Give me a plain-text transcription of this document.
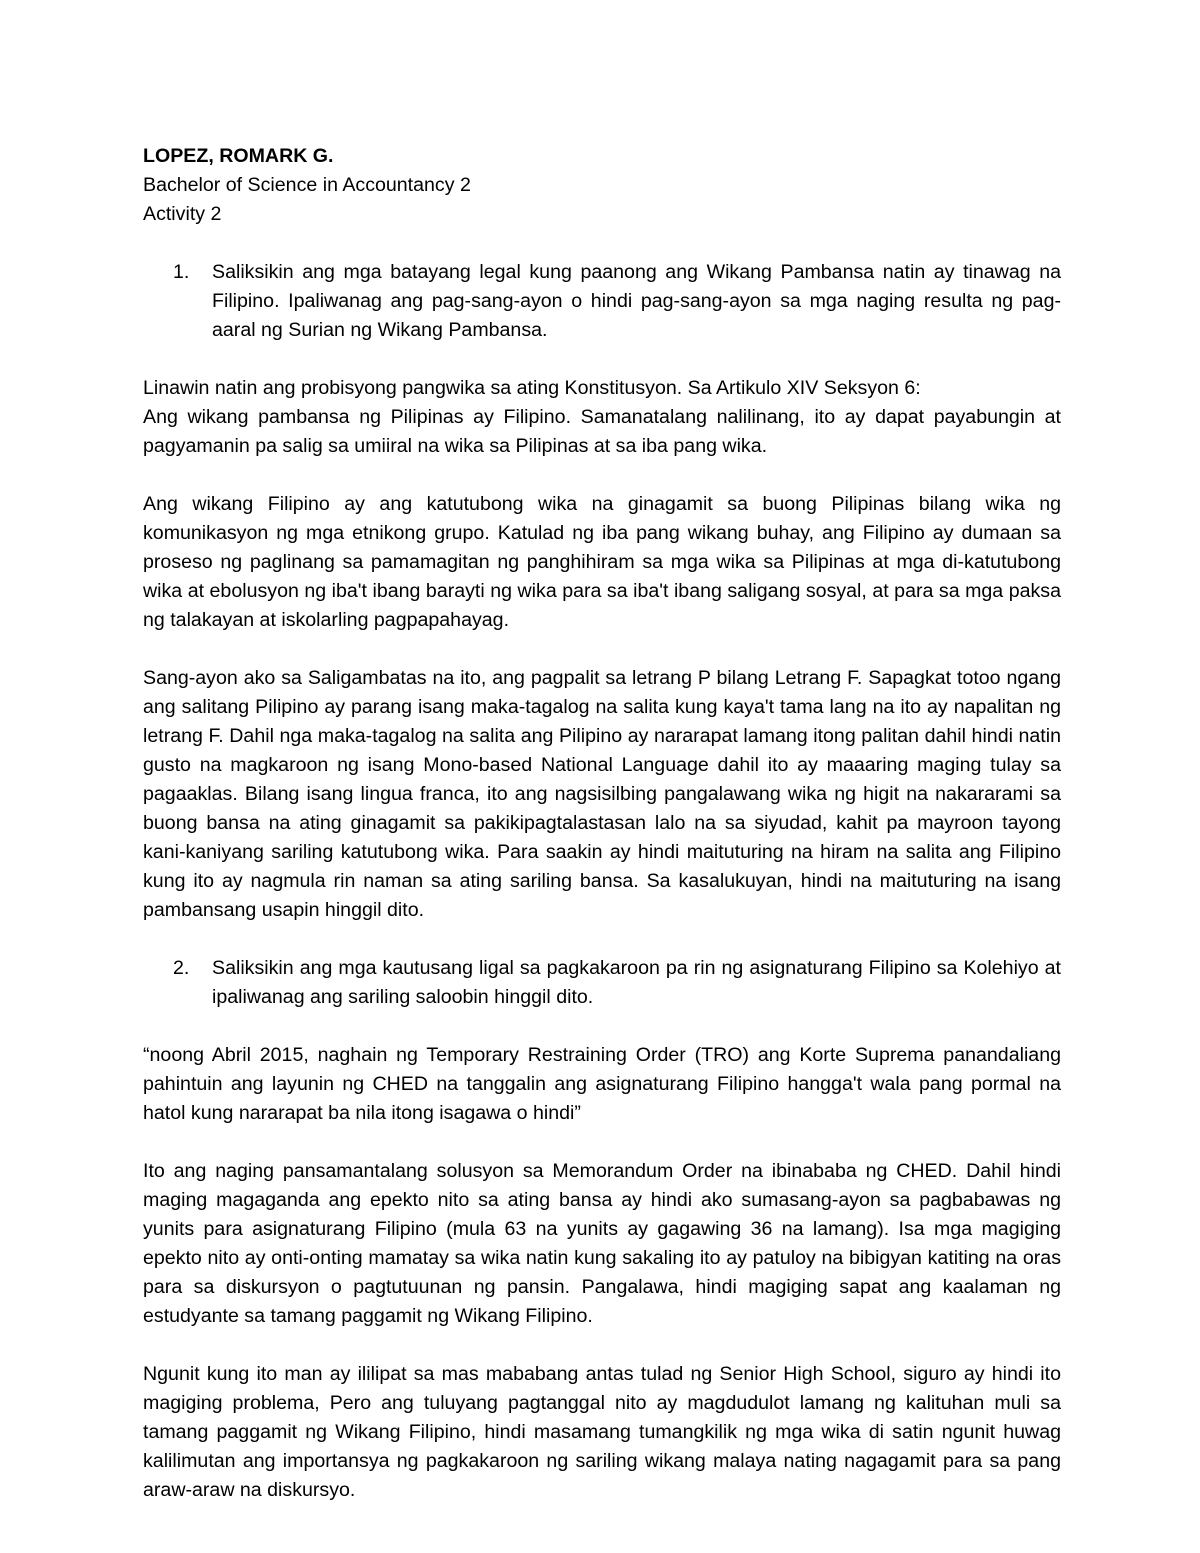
LOPEZ, ROMARK G.
Bachelor of Science in Accountancy 2
Activity 2
1.	Saliksikin ang mga batayang legal kung paanong ang Wikang Pambansa natin ay tinawag na Filipino. Ipaliwanag ang pag-sang-ayon o hindi pag-sang-ayon sa mga naging resulta ng pag-aaral ng Surian ng Wikang Pambansa.

Linawin natin ang probisyong pangwika sa ating Konstitusyon. Sa Artikulo XIV Seksyon 6:

Ang wikang pambansa ng Pilipinas ay Filipino. Samanatalang nalilinang, ito ay dapat payabungin at pagyamanin pa salig sa umiiral na wika sa Pilipinas at sa iba pang wika.

Ang wikang Filipino ay ang katutubong wika na ginagamit sa buong Pilipinas bilang wika ng komunikasyon ng mga etnikong grupo. Katulad ng iba pang wikang buhay, ang Filipino ay dumaan sa proseso ng paglinang sa pamamagitan ng panghihiram sa mga wika sa Pilipinas at mga di-katutubong wika at ebolusyon ng iba't ibang barayti ng wika para sa iba't ibang saligang sosyal, at para sa mga paksa ng talakayan at iskolarling pagpapahayag.

Sang-ayon ako sa Saligambatas na ito, ang pagpalit sa letrang P bilang Letrang F. Sapagkat totoo ngang ang salitang Pilipino ay parang isang maka-tagalog na salita kung kaya't tama lang na ito ay napalitan ng letrang F. Dahil nga maka-tagalog na salita ang Pilipino ay nararapat lamang itong palitan dahil hindi natin gusto na magkaroon ng isang Mono-based National Language dahil ito ay maaaring maging tulay sa pagaaklas. Bilang isang lingua franca, ito ang nagsisilbing pangalawang wika ng higit na nakararami sa buong bansa na ating ginagamit sa pakikipagtalastasan lalo na sa siyudad, kahit pa mayroon tayong kani-kaniyang sariling katutubong wika. Para saakin ay hindi maituturing na hiram na salita ang Filipino kung ito ay nagmula rin naman sa ating sariling bansa. Sa kasalukuyan, hindi na maituturing na isang pambansang usapin hinggil dito.

2.	Saliksikin ang mga kautusang ligal sa pagkakaroon pa rin ng asignaturang Filipino sa Kolehiyo at ipaliwanag ang sariling saloobin hinggil dito.

“noong Abril 2015, naghain ng Temporary Restraining Order (TRO) ang Korte Suprema panandaliang pahintuin ang layunin ng CHED na tanggalin ang asignaturang Filipino hangga't wala pang pormal na hatol kung nararapat ba nila itong isagawa o hindi”

Ito ang naging pansamantalang solusyon sa Memorandum Order na ibinababa ng CHED. Dahil hindi maging magaganda ang epekto nito sa ating bansa ay hindi ako sumasang-ayon sa pagbabawas ng yunits para asignaturang Filipino (mula 63 na yunits ay gagawing 36 na lamang). Isa mga magiging epekto nito ay onti-onting mamatay sa wika natin kung sakaling ito ay patuloy na bibigyan katiting na oras para sa diskursyon o pagtutuunan ng pansin. Pangalawa, hindi magiging sapat ang kaalaman ng estudyante sa tamang paggamit ng Wikang Filipino.

Ngunit kung ito man ay ililipat sa mas mababang antas tulad ng Senior High School, siguro ay hindi ito magiging problema, Pero ang tuluyang pagtanggal nito ay magdudulot lamang ng kalituhan muli sa tamang paggamit ng Wikang Filipino, hindi masamang tumangkilik ng mga wika di satin ngunit huwag kalilimutan ang importansya ng pagkakaroon ng sariling wikang malaya nating nagagamit para sa pang araw-araw na diskursyo.
